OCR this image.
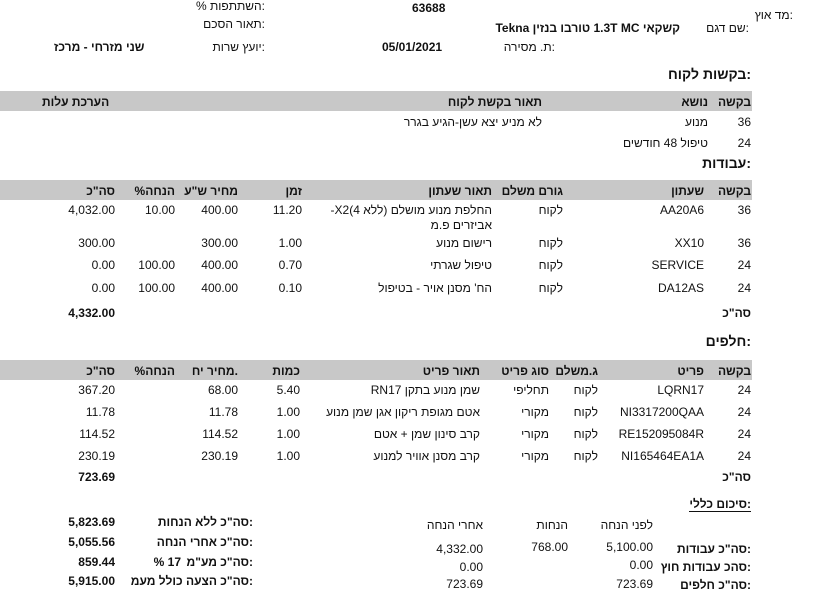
מד אוץ:
63688
% השתתפות:
שם דגם:
קשקאי 1.3T MC טורבו בנזין Tekna
תאור הסכם:
ת. מסירה:
05/01/2021
יועץ שרות:
שני מזרחי - מרכז
בקשות לקוח:
בקשה
נושא
תאור בקשת לקוח
הערכת עלות
36
מנוע
לא מניע יצא עשן-הגיע בגרר
24
טיפול 48 חודשים
עבודות:
בקשה
שעתון
גורם משלם
תאור שעתון
זמן
מחיר ש"ע
%הנחה
סה"כ
36
AA20A6
לקוח
החלפת מנוע מושלם (ללא X2(4-
אביזרים פ.מ
11.20
400.00
10.00
4,032.00
36
XX10
לקוח
רישום מנוע
1.00
300.00
300.00
24
SERVICE
לקוח
טיפול שגרתי
0.70
400.00
100.00
0.00
24
DA12AS
לקוח
הח' מסנן אויר - בטיפול
0.10
400.00
100.00
0.00
סה"כ
4,332.00
חלפים:
בקשה
פריט
ג.משלם
סוג פריט
תאור פריט
כמות
מחיר יח.
%הנחה
סה"כ
24
LQRN17
לקוח
תחליפי
שמן מנוע בתקן RN17
5.40
68.00
367.20
24
NI3317200QAA
לקוח
מקורי
אטם מגופת ריקון אגן שמן מנוע
1.00
11.78
11.78
24
RE152095084R
לקוח
מקורי
קרב סינון שמן + אטם
1.00
114.52
114.52
24
NI165464EA1A
לקוח
מקורי
קרב מסנן אוויר למנוע
1.00
230.19
230.19
סה"כ
723.69
סיכום כללי:
לפני הנחה
הנחות
אחרי הנחה
סה"כ עבודות:
5,100.00
768.00
4,332.00
סהכ עבודות חוץ:
0.00
0.00
סה"כ חלפים:
723.69
723.69
סה"כ ללא הנחות:
5,823.69
סה"כ אחרי הנחה:
5,055.56
סה"כ מע"מ:
17 %
859.44
סה"כ הצעה כולל מעמ:
5,915.00
